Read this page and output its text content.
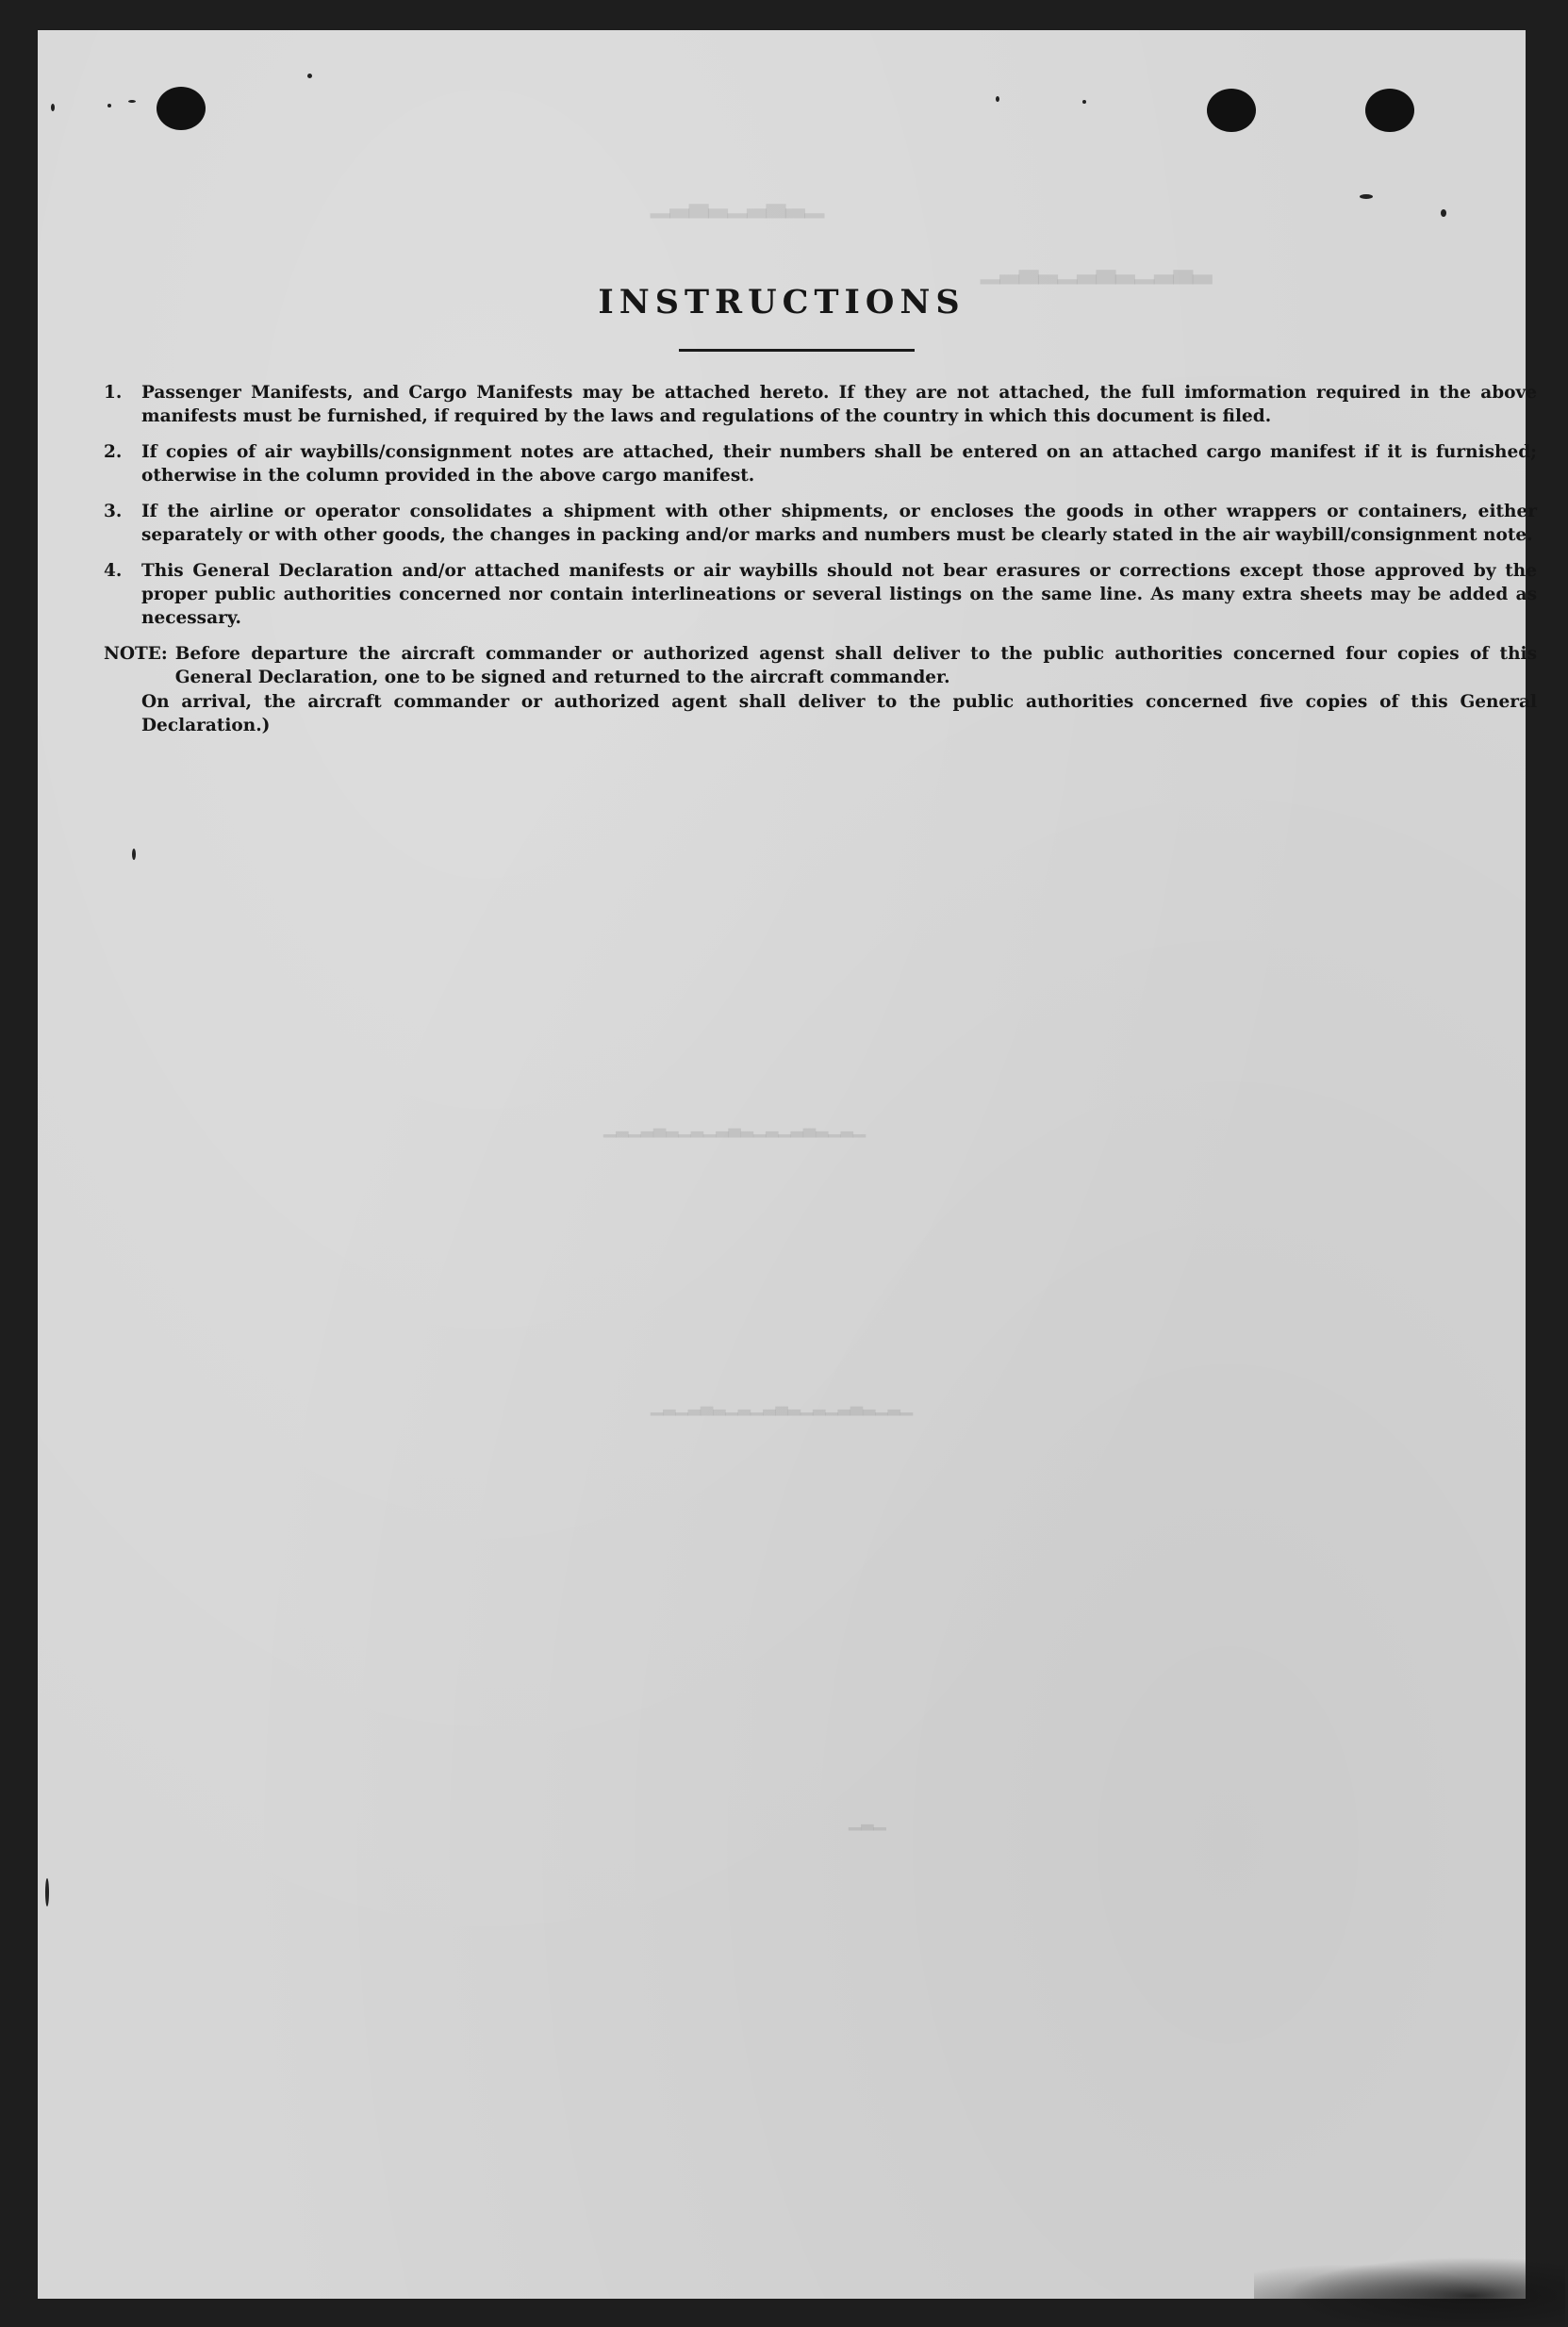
▁▂▃▂▁▂▃▂▁
▁▂▃▂▁▂▃▂▁▂▃▂
▁▂▁▂▃▂▁▂▁▂▃▂▁▂▁▂▃▂▁▂▁
▁▂▁▂▃▂▁▂▁▂▃▂▁▂▁▂▃▂▁▂▁
▁▂▁
INSTRUCTIONS
1.	Passenger Manifests, and Cargo Manifests may be attached hereto. If they are not attached, the full imformation required in the above manifests must be furnished, if required by the laws and regulations of the country in which this document is filed.
2.	If copies of air waybills/consignment notes are attached, their numbers shall be entered on an attached cargo manifest if it is furnished; otherwise in the column provided in the above cargo manifest.
3.	If the airline or operator consolidates a shipment with other shipments, or encloses the goods in other wrappers or containers, either separately or with other goods, the changes in packing and/or marks and numbers must be clearly stated in the air waybill/consignment note.
4.	This General Declaration and/or attached manifests or air waybills should not bear erasures or corrections except those approved by the proper public authorities concerned nor contain interlineations or several listings on the same line. As many extra sheets may be added as necessary.
NOTE: Before departure the aircraft commander or authorized agenst shall deliver to the public authorities concerned four copies of this General Declaration, one to be signed and returned to the aircraft commander.
On arrival, the aircraft commander or authorized agent shall deliver to the public authorities concerned five copies of this General Declaration.)
